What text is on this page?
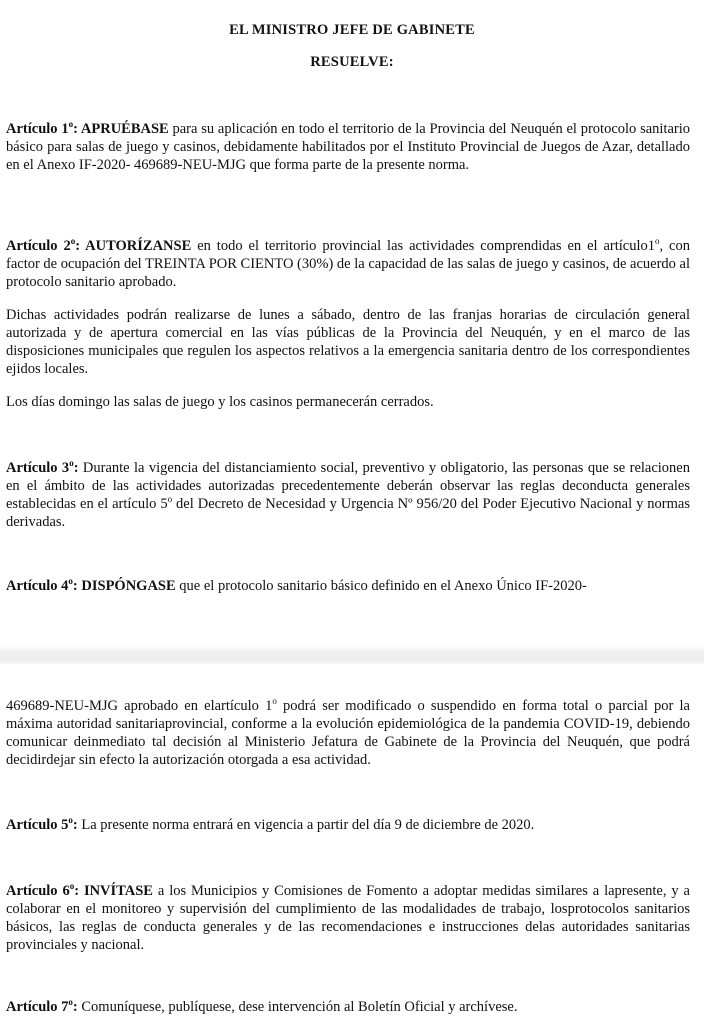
EL MINISTRO JEFE DE GABINETE
RESUELVE:

Artículo 1$^o$: APRUÉBASE para su aplicación en todo el territorio de la Provincia del Neuquén el protocolo sanitario básico para salas de juego y casinos, debidamente habilitados por el Instituto Provincial de Juegos de Azar, detallado en el Anexo IF-2020- 469689-NEU-MJG que forma parte de la presente norma.

Artículo 2$^o$: AUTORÍZANSE en todo el territorio provincial las actividades comprendidas en el artículo1$^o$, con factor de ocupación del TREINTA POR CIENTO (30%) de la capacidad de las salas de juego y casinos, de acuerdo al protocolo sanitario aprobado.

Dichas actividades podrán realizarse de lunes a sábado, dentro de las franjas horarias de circulación general autorizada y de apertura comercial en las vías públicas de la Provincia del Neuquén, y en el marco de las disposiciones municipales que regulen los aspectos relativos a la emergencia sanitaria dentro de los correspondientes ejidos locales.

Los días domingo las salas de juego y los casinos permanecerán cerrados.

Artículo 3$^o$: Durante la vigencia del distanciamiento social, preventivo y obligatorio, las personas que se relacionen en el ámbito de las actividades autorizadas precedentemente deberán observar las reglas deconducta generales establecidas en el artículo 5$^o$ del Decreto de Necesidad y Urgencia Nº 956/20 del Poder Ejecutivo Nacional y normas derivadas.

Artículo 4$^o$: DISPÓNGASE que el protocolo sanitario básico definido en el Anexo Único IF-2020-

469689-NEU-MJG aprobado en elartículo 1$^o$ podrá ser modificado o suspendido en forma total o parcial por la máxima autoridad sanitariaprovincial, conforme a la evolución epidemiológica de la pandemia COVID-19, debiendo comunicar deinmediato tal decisión al Ministerio Jefatura de Gabinete de la Provincia del Neuquén, que podrá decidirdejar sin efecto la autorización otorgada a esa actividad.

Artículo 5$^o$: La presente norma entrará en vigencia a partir del día 9 de diciembre de 2020.

Artículo 6$^o$: INVÍTASE a los Municipios y Comisiones de Fomento a adoptar medidas similares a lapresente, y a colaborar en el monitoreo y supervisión del cumplimiento de las modalidades de trabajo, losprotocolos sanitarios básicos, las reglas de conducta generales y de las recomendaciones e instrucciones delas autoridades sanitarias provinciales y nacional.

Artículo 7$^o$: Comuníquese, publíquese, dese intervención al Boletín Oficial y archívese.
